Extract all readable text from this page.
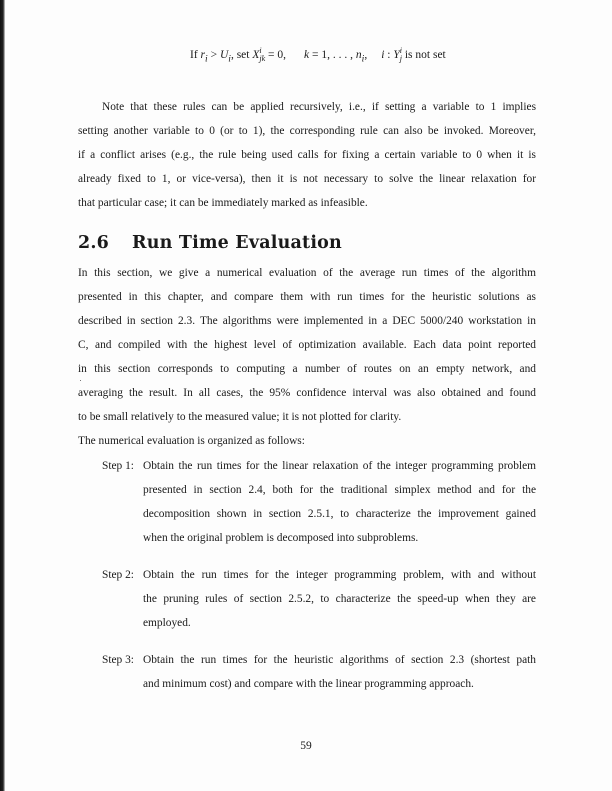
If $r_i > U_i$, set X i
jk = 0, k = 1, . . . , $n_i$, i : Y i
j is not set
Note that these rules can be applied recursively, i.e., if setting a variable to 1 implies
setting another variable to 0 (or to 1), the corresponding rule can also be invoked. Moreover,
if a conflict arises (e.g., the rule being used calls for fixing a certain variable to 0 when it is
already fixed to 1, or vice-versa), then it is not necessary to solve the linear relaxation for
that particular case; it can be immediately marked as infeasible.
2.6 Run Time Evaluation
In this section, we give a numerical evaluation of the average run times of the algorithm
presented in this chapter, and compare them with run times for the heuristic solutions as
described in section 2.3. The algorithms were implemented in a DEC 5000/240 workstation in
C, and compiled with the highest level of optimization available. Each data point reported
in this section corresponds to computing a number of routes on an empty network, and
averaging the result. In all cases, the 95% confidence interval was also obtained and found
to be small relatively to the measured value; it is not plotted for clarity.
The numerical evaluation is organized as follows:
Step 1: Obtain the run times for the linear relaxation of the integer programming problem
presented in section 2.4, both for the traditional simplex method and for the
decomposition shown in section 2.5.1, to characterize the improvement gained
when the original problem is decomposed into subproblems.
Step 2: Obtain the run times for the integer programming problem, with and without
the pruning rules of section 2.5.2, to characterize the speed-up when they are
employed.
Step 3: Obtain the run times for the heuristic algorithms of section 2.3 (shortest path
and minimum cost) and compare with the linear programming approach.
59
